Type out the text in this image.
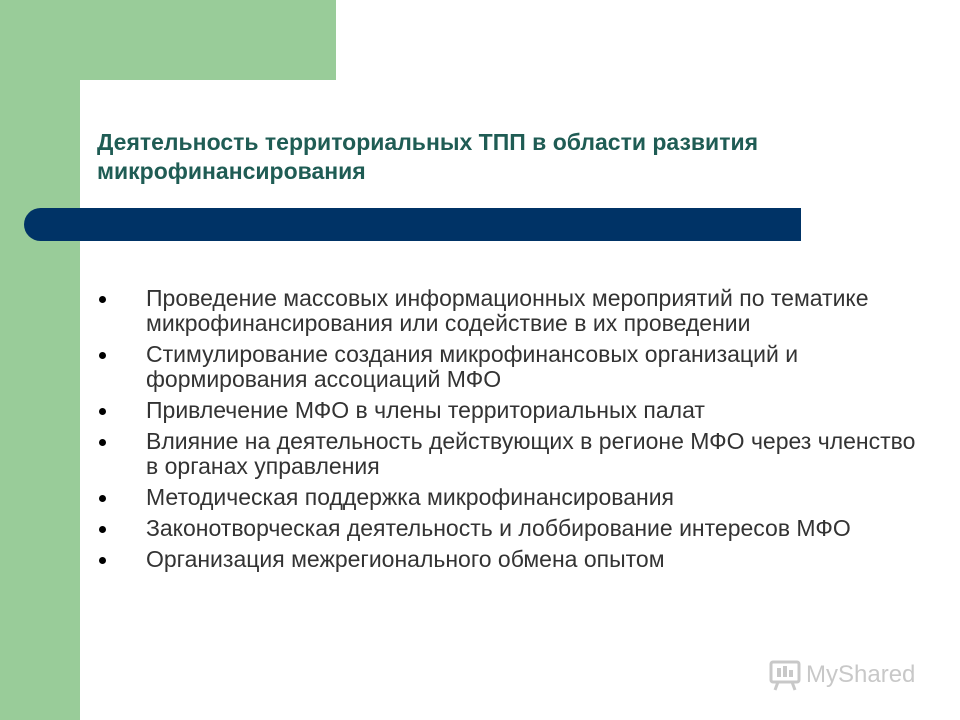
Деятельность территориальных ТПП в области развития микрофинансирования
Проведение массовых информационных мероприятий по тематике микрофинансирования или содействие в их проведении
Стимулирование создания микрофинансовых организаций и формирования ассоциаций МФО
Привлечение МФО в члены территориальных палат
Влияние на деятельность действующих в регионе МФО через членство в органах управления
Методическая поддержка микрофинансирования
Законотворческая деятельность и лоббирование интересов МФО
Организация межрегионального обмена опытом
MyShared
